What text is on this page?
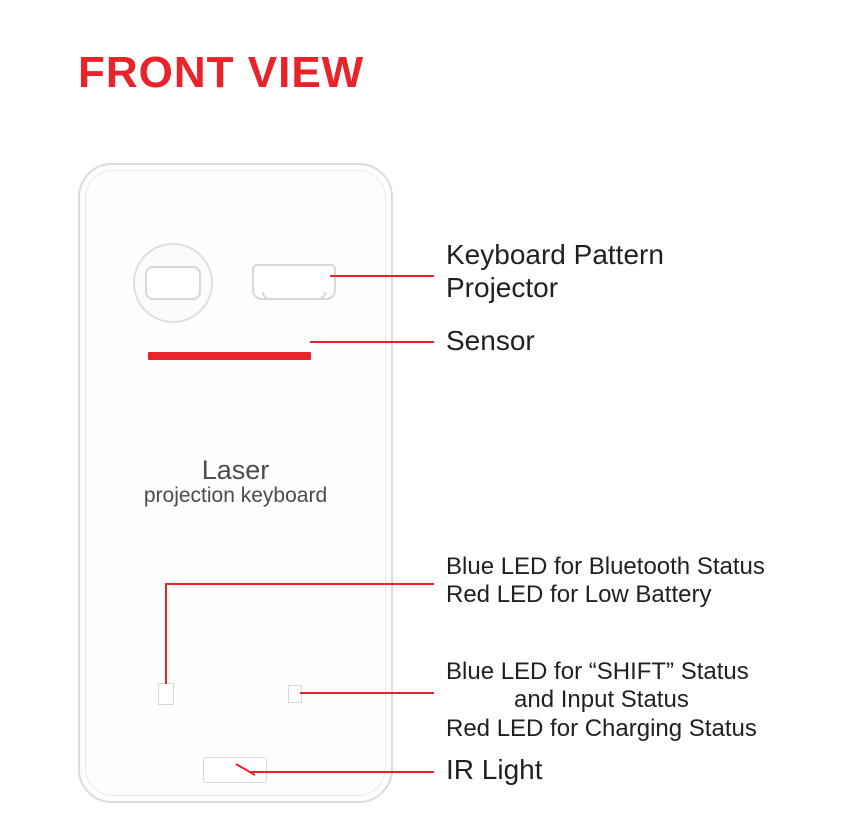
FRONT VIEW
Laser
projection keyboard
Keyboard Pattern
Projector
Sensor
Blue LED for Bluetooth Status
Red LED for Low Battery
Blue LED for “SHIFT” Status
and Input Status
Red LED for Charging Status
IR Light
